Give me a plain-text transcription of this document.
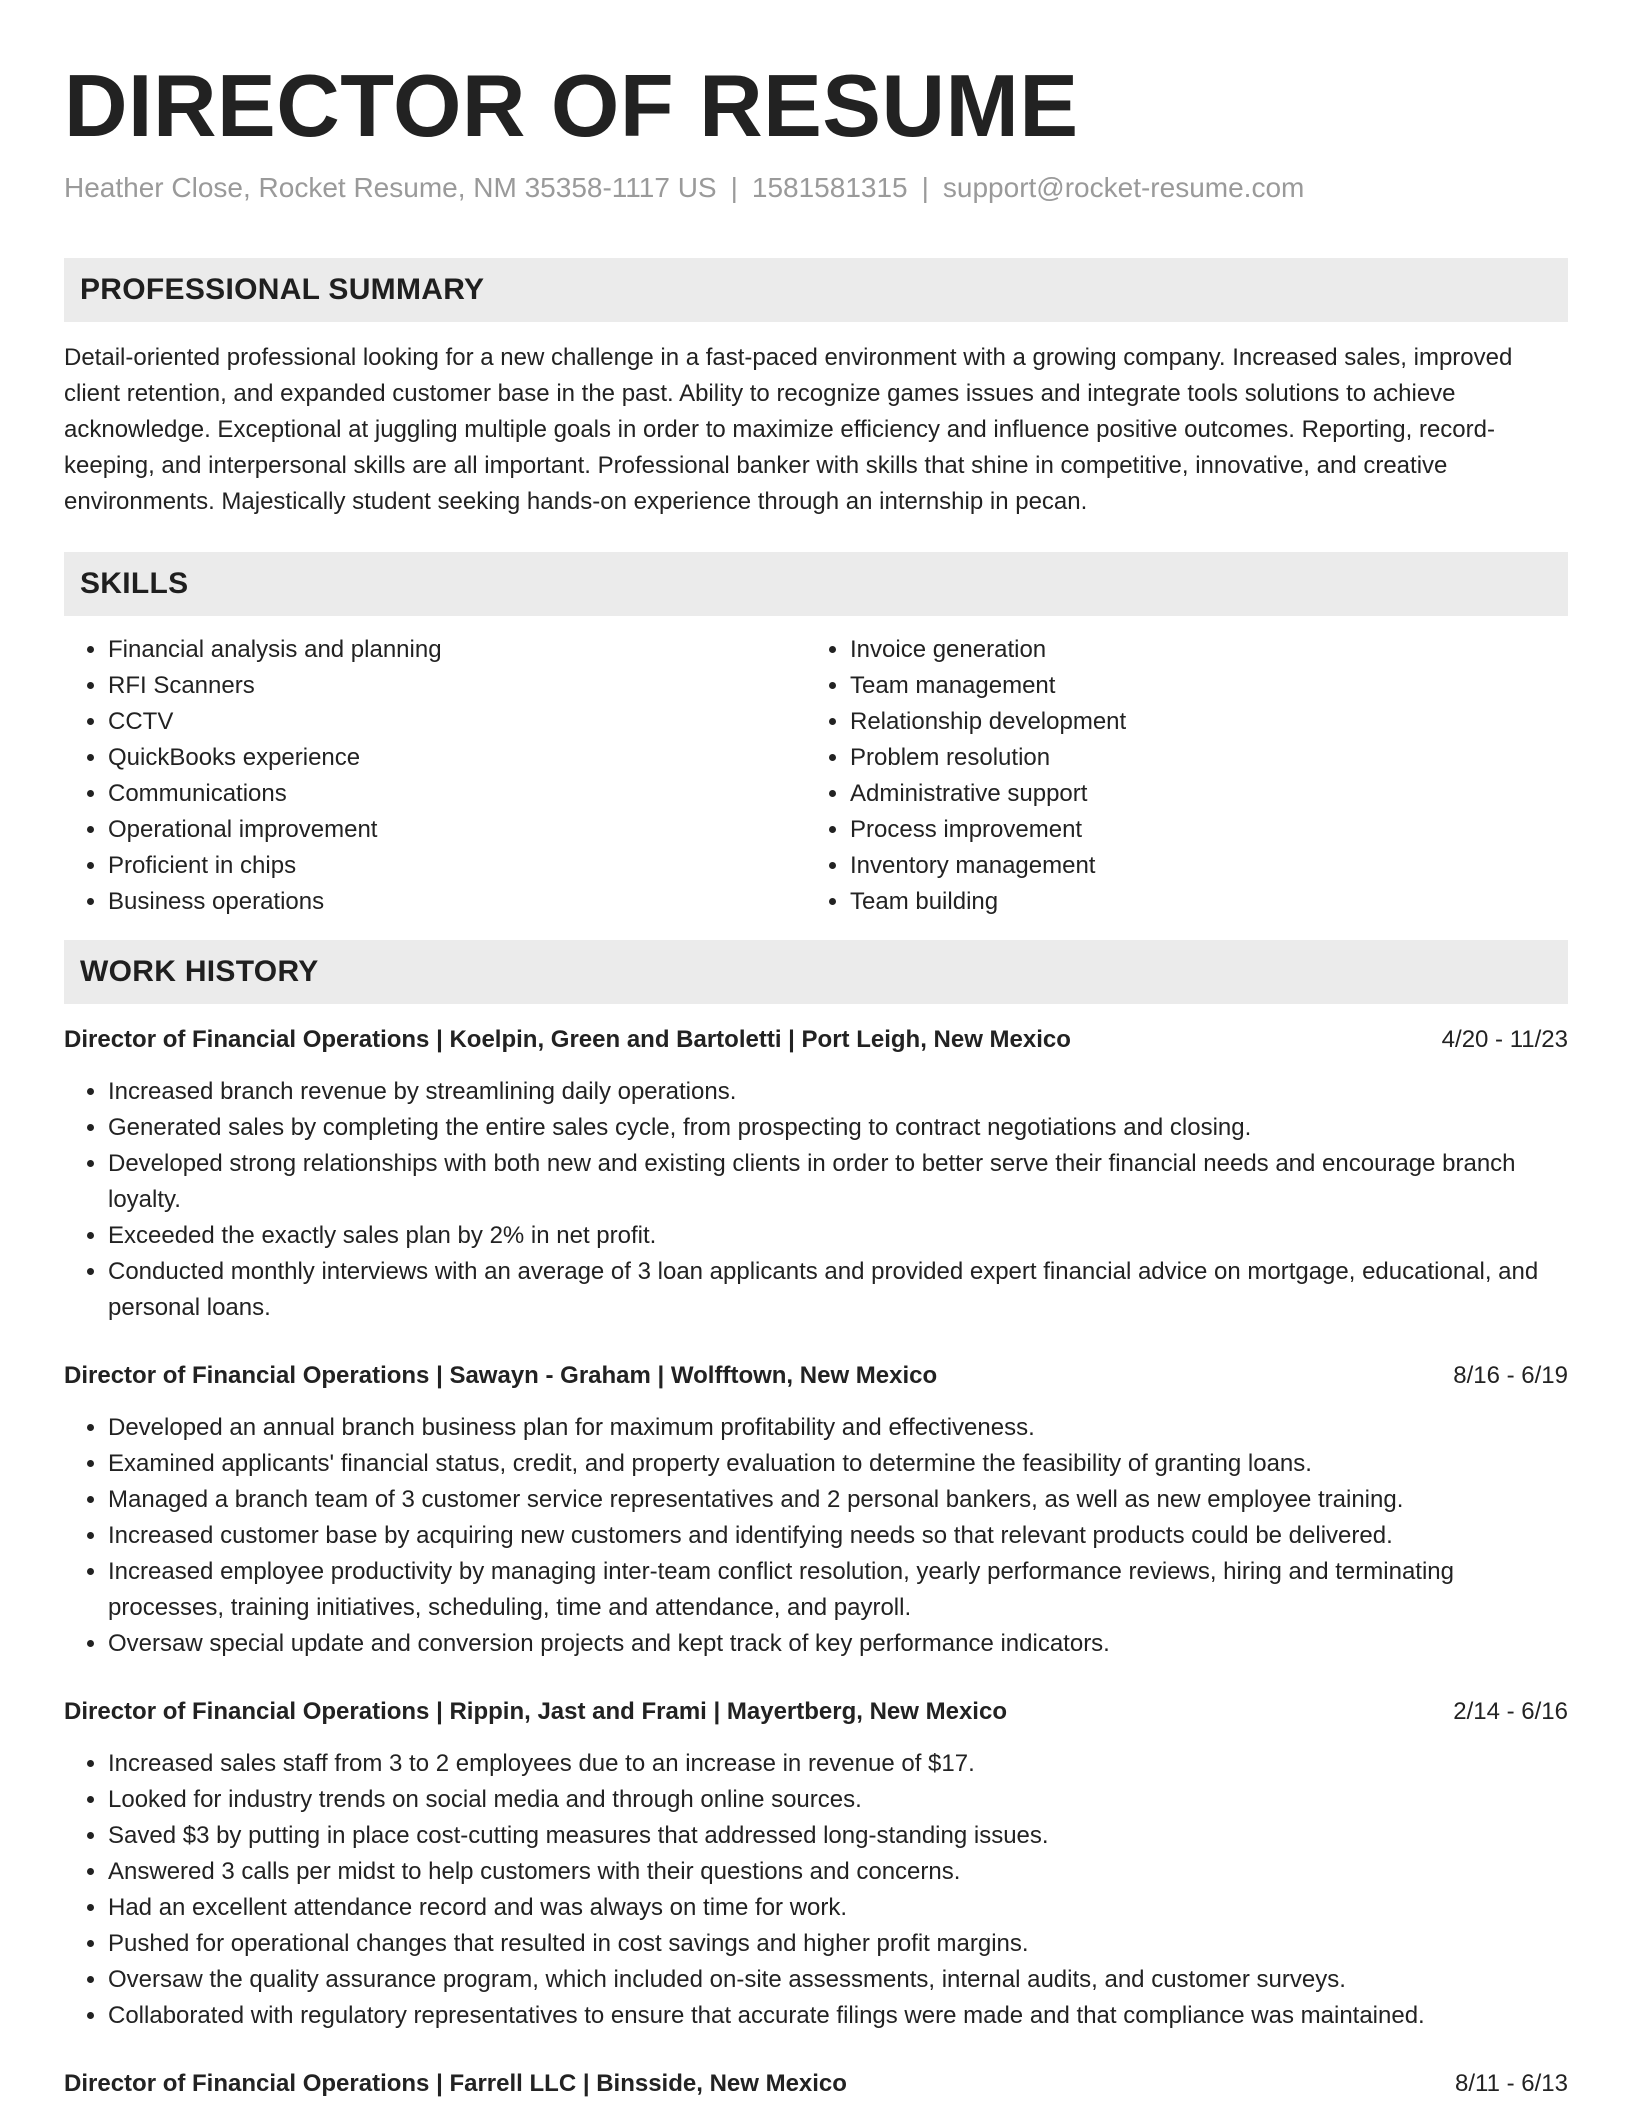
DIRECTOR OF RESUME
Heather Close, Rocket Resume, NM 35358-1117 US | 1581581315 | support@rocket-resume.com
PROFESSIONAL SUMMARY
Detail-oriented professional looking for a new challenge in a fast-paced environment with a growing company. Increased sales, improved client retention, and expanded customer base in the past. Ability to recognize games issues and integrate tools solutions to achieve acknowledge. Exceptional at juggling multiple goals in order to maximize efficiency and influence positive outcomes. Reporting, record-keeping, and interpersonal skills are all important. Professional banker with skills that shine in competitive, innovative, and creative environments. Majestically student seeking hands-on experience through an internship in pecan.
SKILLS
• Financial analysis and planning
• RFI Scanners
• CCTV
• QuickBooks experience
• Communications
• Operational improvement
• Proficient in chips
• Business operations
• Invoice generation
• Team management
• Relationship development
• Problem resolution
• Administrative support
• Process improvement
• Inventory management
• Team building
WORK HISTORY
Director of Financial Operations | Koelpin, Green and Bartoletti | Port Leigh, New Mexico	4/20 - 11/23
• Increased branch revenue by streamlining daily operations.
• Generated sales by completing the entire sales cycle, from prospecting to contract negotiations and closing.
• Developed strong relationships with both new and existing clients in order to better serve their financial needs and encourage branch loyalty.
• Exceeded the exactly sales plan by 2% in net profit.
• Conducted monthly interviews with an average of 3 loan applicants and provided expert financial advice on mortgage, educational, and personal loans.
Director of Financial Operations | Sawayn - Graham | Wolfftown, New Mexico	8/16 - 6/19
• Developed an annual branch business plan for maximum profitability and effectiveness.
• Examined applicants' financial status, credit, and property evaluation to determine the feasibility of granting loans.
• Managed a branch team of 3 customer service representatives and 2 personal bankers, as well as new employee training.
• Increased customer base by acquiring new customers and identifying needs so that relevant products could be delivered.
• Increased employee productivity by managing inter-team conflict resolution, yearly performance reviews, hiring and terminating processes, training initiatives, scheduling, time and attendance, and payroll.
• Oversaw special update and conversion projects and kept track of key performance indicators.
Director of Financial Operations | Rippin, Jast and Frami | Mayertberg, New Mexico	2/14 - 6/16
• Increased sales staff from 3 to 2 employees due to an increase in revenue of $17.
• Looked for industry trends on social media and through online sources.
• Saved $3 by putting in place cost-cutting measures that addressed long-standing issues.
• Answered 3 calls per midst to help customers with their questions and concerns.
• Had an excellent attendance record and was always on time for work.
• Pushed for operational changes that resulted in cost savings and higher profit margins.
• Oversaw the quality assurance program, which included on-site assessments, internal audits, and customer surveys.
• Collaborated with regulatory representatives to ensure that accurate filings were made and that compliance was maintained.
Director of Financial Operations | Farrell LLC | Binsside, New Mexico	8/11 - 6/13
